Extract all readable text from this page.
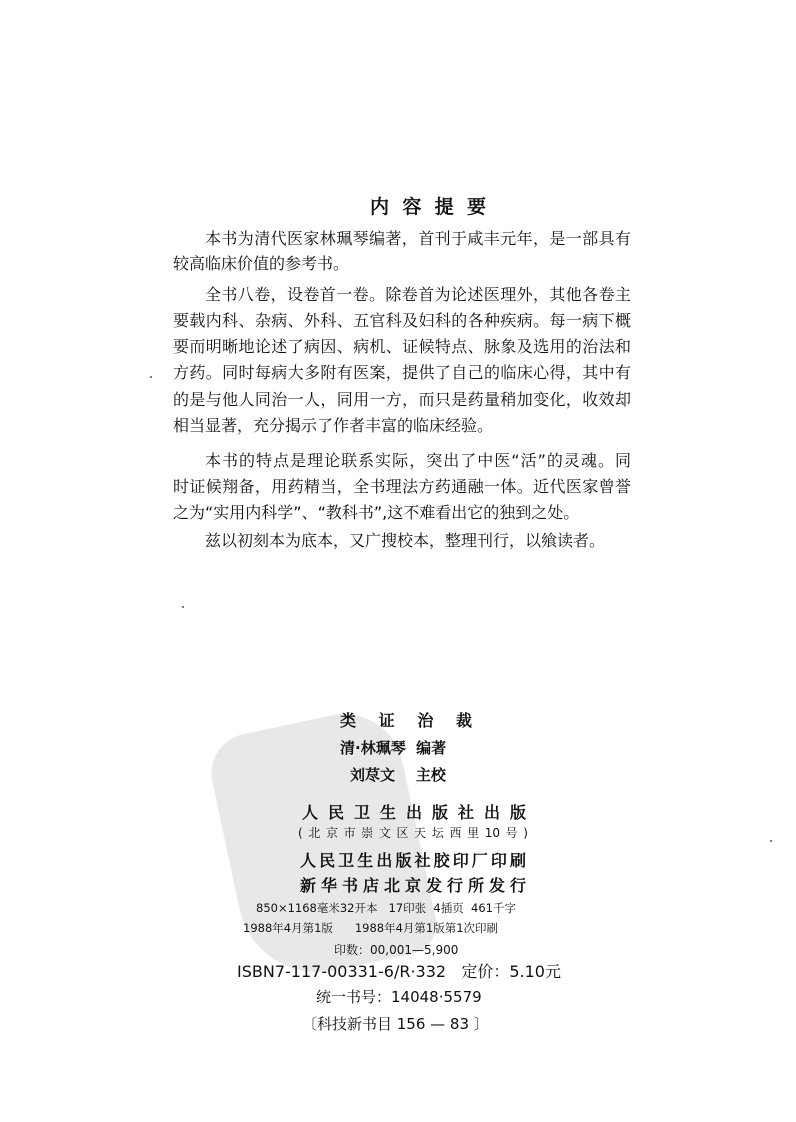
内 容 提 要
本书为清代医家林珮琴编著，首刊于咸丰元年，是一部具有
较高临床价值的参考书。
全书八卷，设卷首一卷。除卷首为论述医理外，其他各卷主
要载内科、杂病、外科、五官科及妇科的各种疾病。每一病下概
要而明晰地论述了病因、病机、证候特点、脉象及选用的治法和
方药。同时每病大多附有医案，提供了自己的临床心得，其中有
的是与他人同治一人，同用一方，而只是药量稍加变化，收效却
相当显著，充分揭示了作者丰富的临床经验。
本书的特点是理论联系实际，突出了中医“活”的灵魂。同
时证候翔备，用药精当，全书理法方药通融一体。近代医家曾誉
之为“实用内科学”、“教科书”,这不难看出它的独到之处。
兹以初刻本为底本，又广搜校本，整理刊行，以飨读者。
类 证 治 裁
清·林珮琴  编著
刘荩文    主校
人民卫生出版社出版
(北京市崇文区天坛西里10号)
人民卫生出版社胶印厂印刷
新华书店北京发行所发行
850×1168毫米32开本   17印张  4插页  461千字
1988年4月第1版      1988年4月第1版第1次印刷
印数：00,001—5,900
ISBN7-117-00331-6/R·332   定价：5.10元
统一书号：14048·5579
〔科技新书目 156 — 83 〕
